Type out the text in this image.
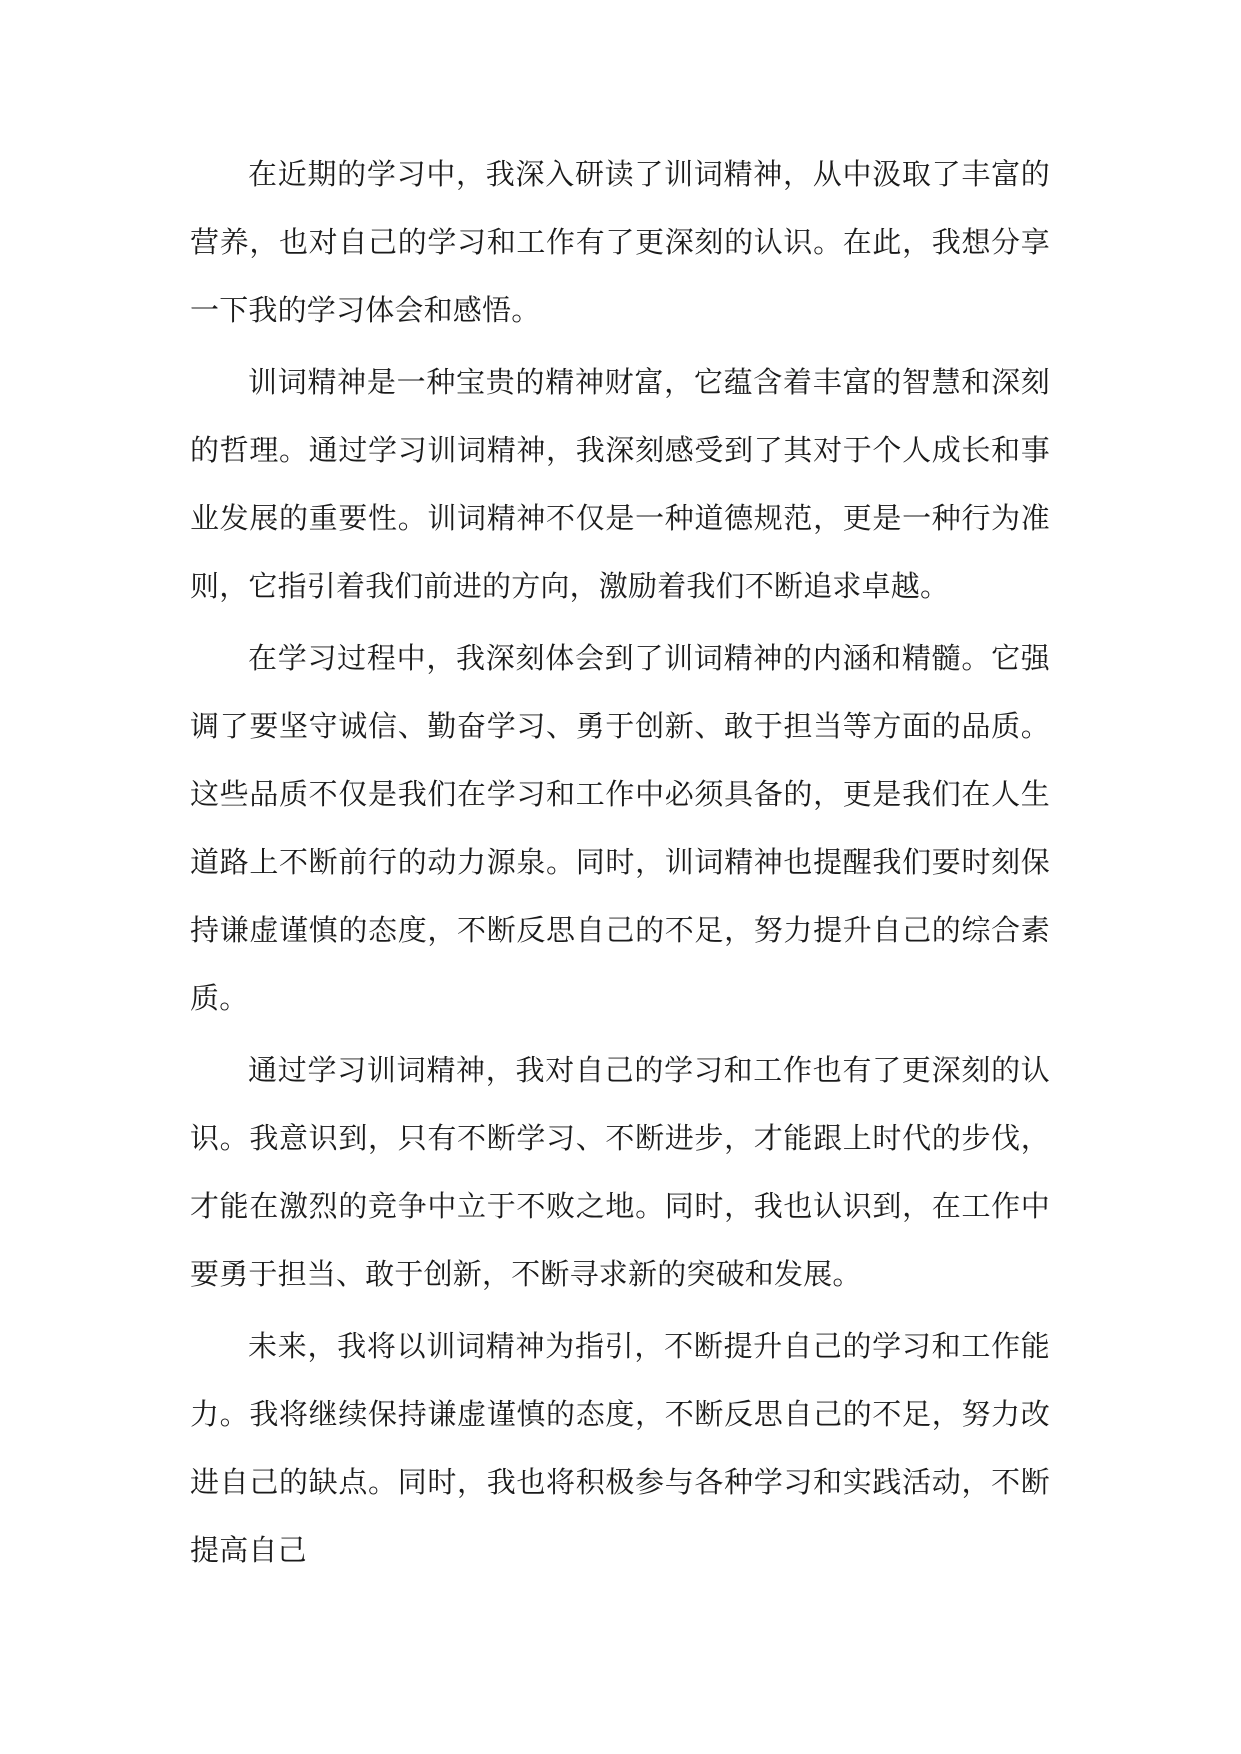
在近期的学习中，我深入研读了训词精神，从中汲取了丰富的营养，也对自己的学习和工作有了更深刻的认识。在此，我想分享一下我的学习体会和感悟。

训词精神是一种宝贵的精神财富，它蕴含着丰富的智慧和深刻的哲理。通过学习训词精神，我深刻感受到了其对于个人成长和事业发展的重要性。训词精神不仅是一种道德规范，更是一种行为准则，它指引着我们前进的方向，激励着我们不断追求卓越。

在学习过程中，我深刻体会到了训词精神的内涵和精髓。它强调了要坚守诚信、勤奋学习、勇于创新、敢于担当等方面的品质。这些品质不仅是我们在学习和工作中必须具备的，更是我们在人生道路上不断前行的动力源泉。同时，训词精神也提醒我们要时刻保持谦虚谨慎的态度，不断反思自己的不足，努力提升自己的综合素质。

通过学习训词精神，我对自己的学习和工作也有了更深刻的认识。我意识到，只有不断学习、不断进步，才能跟上时代的步伐，才能在激烈的竞争中立于不败之地。同时，我也认识到，在工作中要勇于担当、敢于创新，不断寻求新的突破和发展。

未来，我将以训词精神为指引，不断提升自己的学习和工作能力。我将继续保持谦虚谨慎的态度，不断反思自己的不足，努力改进自己的缺点。同时，我也将积极参与各种学习和实践活动，不断提高自己
